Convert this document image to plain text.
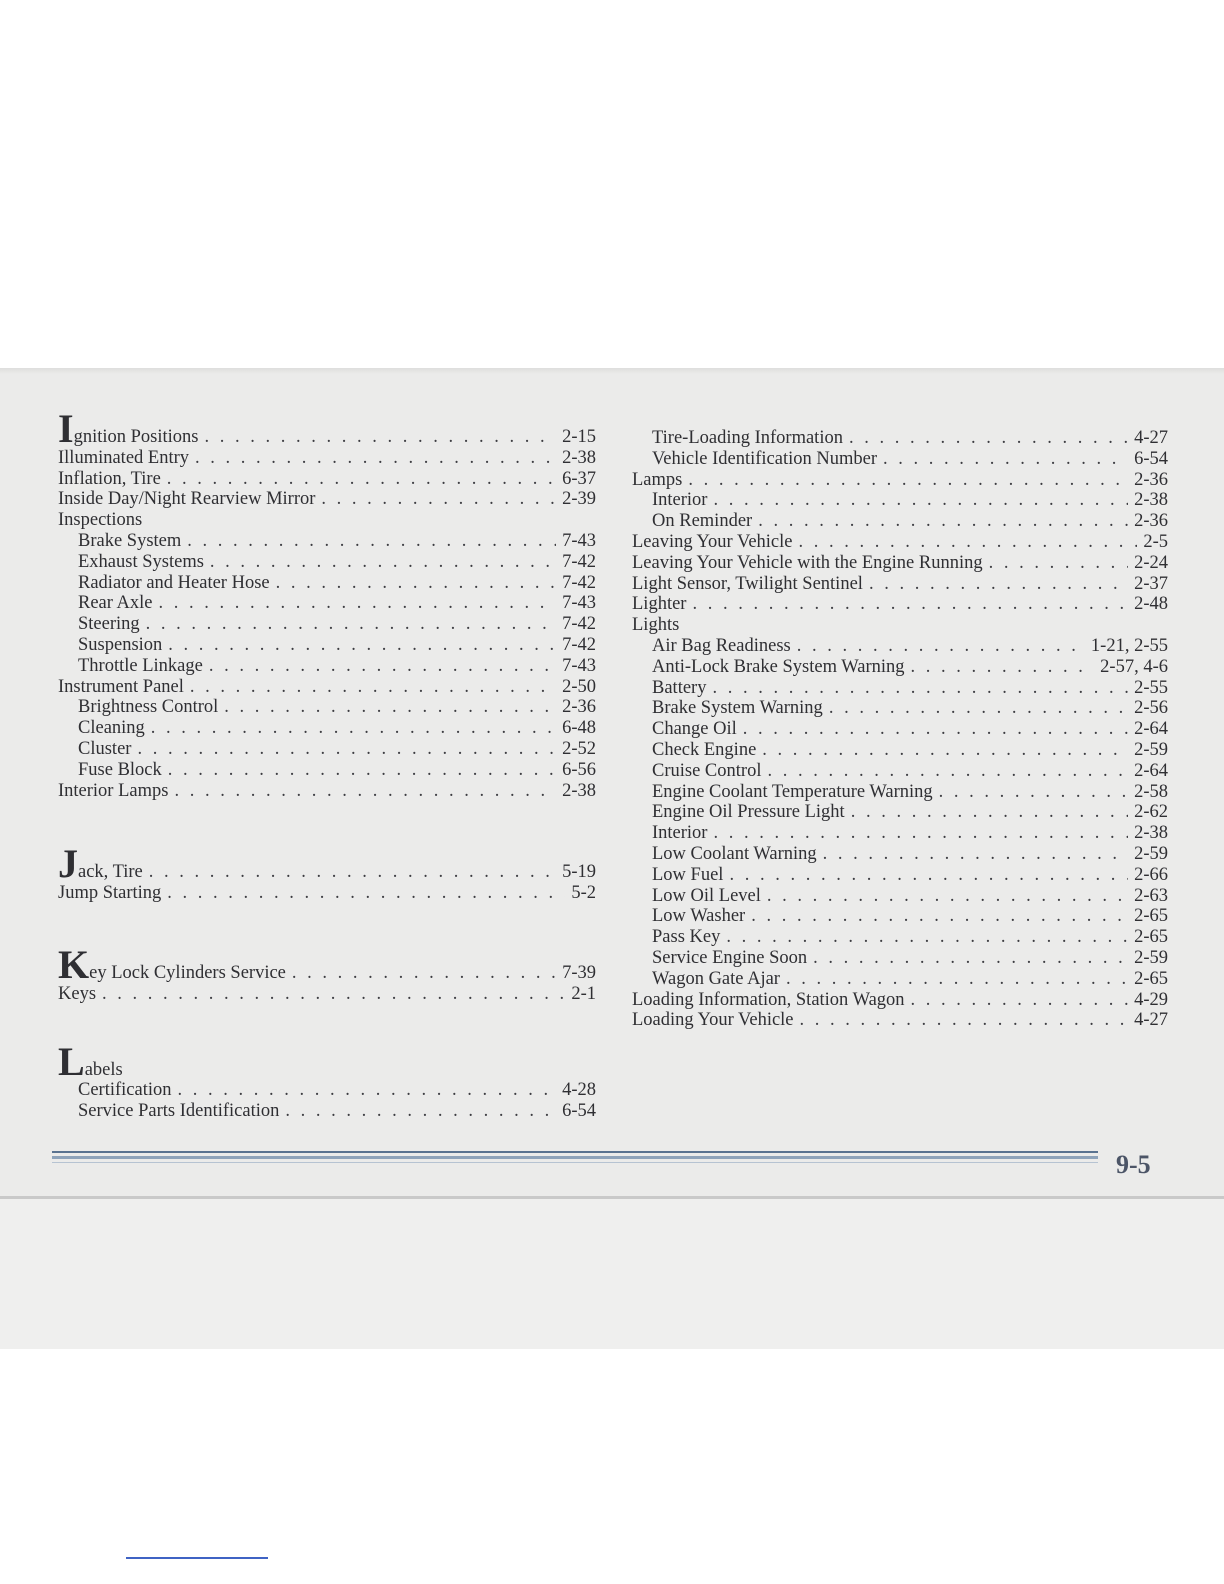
Ignition Positions . . .	2-15
Illuminated Entry . . .	2-38
Inflation, Tire . . .	6-37
Inside Day/Night Rearview Mirror . . .	2-39
Inspections
Brake System . . .	7-43
Exhaust Systems . . .	7-42
Radiator and Heater Hose . . .	7-42
Rear Axle . . .	7-43
Steering . . .	7-42
Suspension . . .	7-42
Throttle Linkage . . .	7-43
Instrument Panel . . .	2-50
Brightness Control . . .	2-36
Cleaning . . .	6-48
Cluster . . .	2-52
Fuse Block . . .	6-56
Interior Lamps . . .	2-38
Jack, Tire . . .	5-19
Jump Starting . . .	5-2
Key Lock Cylinders Service . . .	7-39
Keys . . .	2-1
Labels
Certification . . .	4-28
Service Parts Identification . . .	6-54
Tire-Loading Information . . .	4-27
Vehicle Identification Number . . .	6-54
Lamps . . .	2-36
Interior . . .	2-38
On Reminder . . .	2-36
Leaving Your Vehicle . . .	2-5
Leaving Your Vehicle with the Engine Running . . .	2-24
Light Sensor, Twilight Sentinel . . .	2-37
Lighter . . .	2-48
Lights
Air Bag Readiness . . .	1-21, 2-55
Anti-Lock Brake System Warning . . .	2-57, 4-6
Battery . . .	2-55
Brake System Warning . . .	2-56
Change Oil . . .	2-64
Check Engine . . .	2-59
Cruise Control . . .	2-64
Engine Coolant Temperature Warning . . .	2-58
Engine Oil Pressure Light . . .	2-62
Interior . . .	2-38
Low Coolant Warning . . .	2-59
Low Fuel . . .	2-66
Low Oil Level . . .	2-63
Low Washer . . .	2-65
Pass Key . . .	2-65
Service Engine Soon . . .	2-59
Wagon Gate Ajar . . .	2-65
Loading Information, Station Wagon . . .	4-29
Loading Your Vehicle . . .	4-27
9-5
